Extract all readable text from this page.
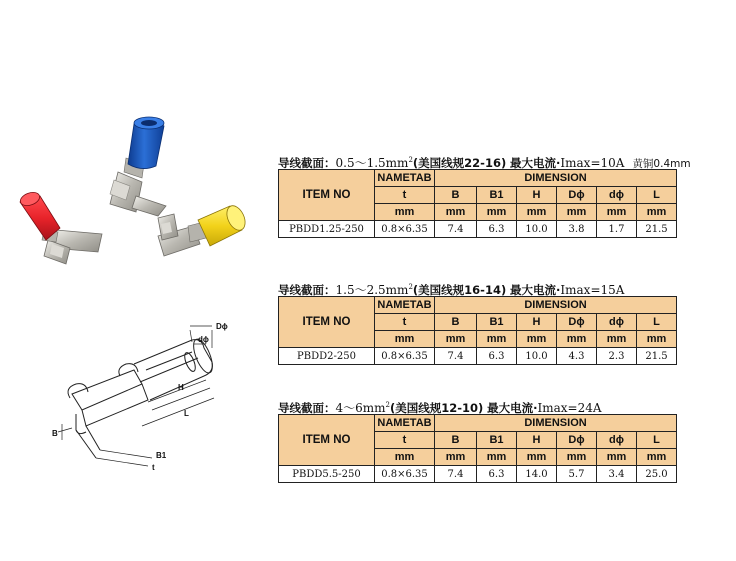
Dϕ
dϕ
H
L
B
B1
t
导线截面：$0.5\sim 1.5mm^2$(美国线规22-16) 最大电流·Imax=10A 黄铜0.4mm
ITEM NO	NAMETAB	DIMENSION					
	t	B	B1	H	Dϕ	dϕ	L
	mm	mm	mm	mm	mm	mm	mm
PBDD1.25-250	0.8×6.35	7.4	6.3	10.0	3.8	1.7	21.5
导线截面：$1.5\sim 2.5mm^2$(美国线规16-14) 最大电流·Imax=15A
ITEM NO	NAMETAB	DIMENSION					
	t	B	B1	H	Dϕ	dϕ	L
	mm	mm	mm	mm	mm	mm	mm
PBDD2-250	0.8×6.35	7.4	6.3	10.0	4.3	2.3	21.5
导线截面：$4\sim 6mm^2$(美国线规12-10) 最大电流·Imax=24A
ITEM NO	NAMETAB	DIMENSION					
	t	B	B1	H	Dϕ	dϕ	L
	mm	mm	mm	mm	mm	mm	mm
PBDD5.5-250	0.8×6.35	7.4	6.3	14.0	5.7	3.4	25.0
